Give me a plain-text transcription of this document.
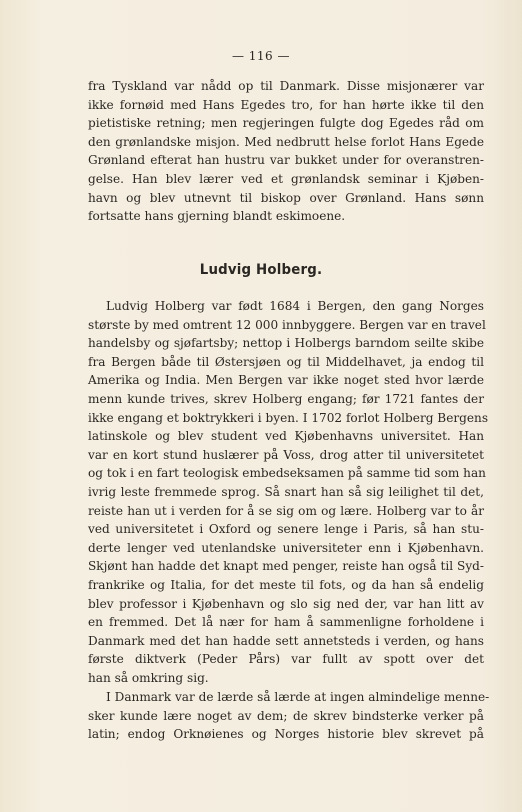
— 116 —
fra Tyskland var nådd op til Danmark. Disse misjonærer var
ikke fornøid med Hans Egedes tro, for han hørte ikke til den
pietistiske retning; men regjeringen fulgte dog Egedes råd om
den grønlandske misjon. Med nedbrutt helse forlot Hans Egede
Grønland efterat han hustru var bukket under for overanstren-
gelse. Han blev lærer ved et grønlandsk seminar i Kjøben-
havn og blev utnevnt til biskop over Grønland. Hans sønn
fortsatte hans gjerning blandt eskimoene.
Ludvig Holberg.
Ludvig Holberg var født 1684 i Bergen, den gang Norges
største by med omtrent 12 000 innbyggere. Bergen var en travel
handelsby og sjøfartsby; nettop i Holbergs barndom seilte skibe
fra Bergen både til Østersjøen og til Middelhavet, ja endog til
Amerika og India. Men Bergen var ikke noget sted hvor lærde
menn kunde trives, skrev Holberg engang; før 1721 fantes der
ikke engang et boktrykkeri i byen. I 1702 forlot Holberg Bergens
latinskole og blev student ved Kjøbenhavns universitet. Han
var en kort stund huslærer på Voss, drog atter til universitetet
og tok i en fart teologisk embedseksamen på samme tid som han
ivrig leste fremmede sprog. Så snart han så sig leilighet til det,
reiste han ut i verden for å se sig om og lære. Holberg var to år
ved universitetet i Oxford og senere lenge i Paris, så han stu-
derte lenger ved utenlandske universiteter enn i Kjøbenhavn.
Skjønt han hadde det knapt med penger, reiste han også til Syd-
frankrike og Italia, for det meste til fots, og da han så endelig
blev professor i Kjøbenhavn og slo sig ned der, var han litt av
en fremmed. Det lå nær for ham å sammenligne forholdene i
Danmark med det han hadde sett annetsteds i verden, og hans
første diktverk (Peder Pårs) var fullt av spott over det
han så omkring sig.
I Danmark var de lærde så lærde at ingen almindelige menne-
sker kunde lære noget av dem; de skrev bindsterke verker på
latin; endog Orknøienes og Norges historie blev skrevet på
